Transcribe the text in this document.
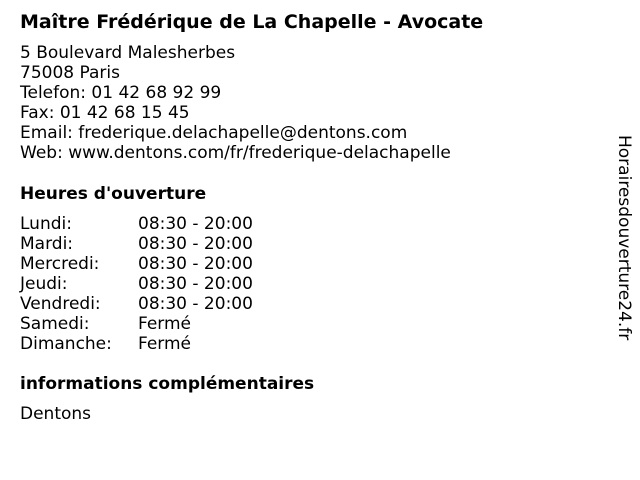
Maître Frédérique de La Chapelle - Avocate
5 Boulevard Malesherbes
75008 Paris
Telefon: 01 42 68 92 99
Fax: 01 42 68 15 45
Email: frederique.delachapelle@dentons.com
Web: www.dentons.com/fr/frederique-delachapelle
Heures d'ouverture
Lundi:	08:30 - 20:00
Mardi:	08:30 - 20:00
Mercredi: 08:30 - 20:00
Jeudi:	08:30 - 20:00
Vendredi: 08:30 - 20:00
Samedi:	Fermé
Dimanche: Fermé
informations complémentaires
Dentons
Horairesdouverture24.fr
